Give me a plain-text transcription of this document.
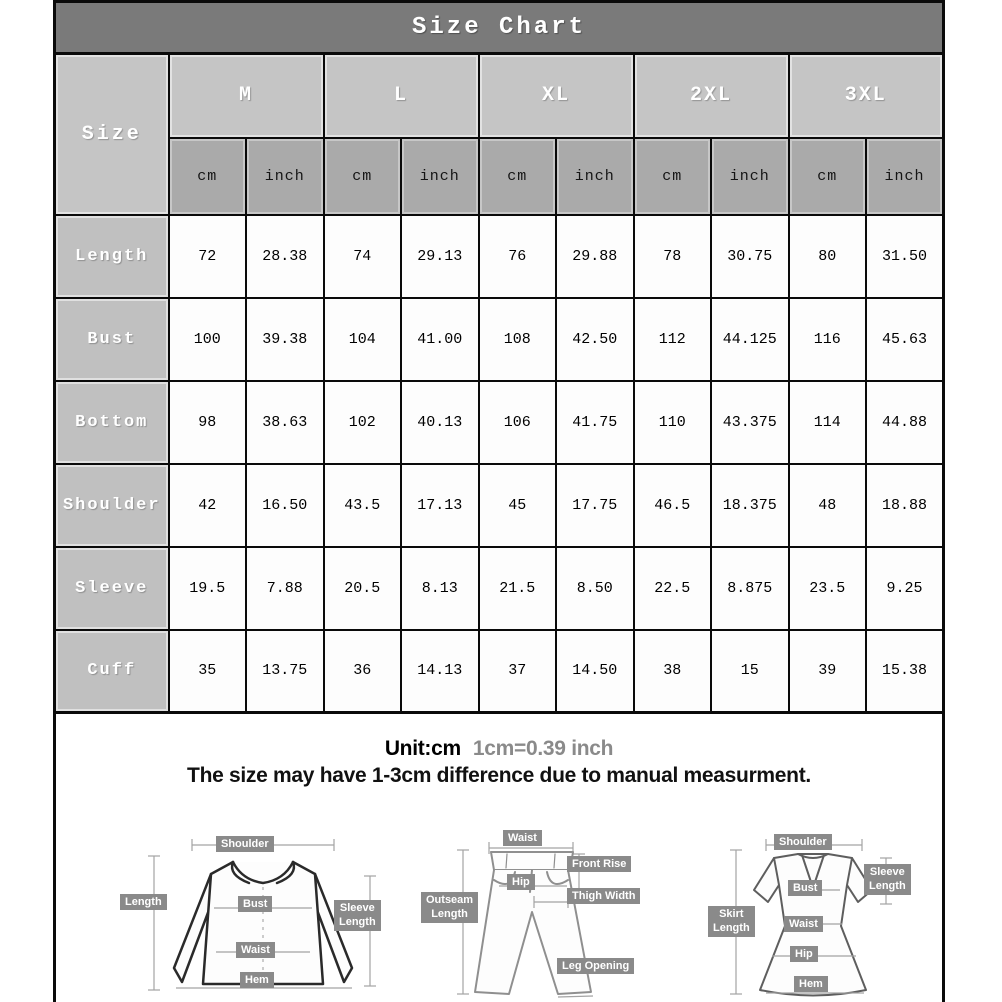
Size Chart
Size	M		L		XL		2XL		3XL	
	cm	inch	cm	inch	cm	inch	cm	inch	cm	inch
Length	72	28.38	74	29.13	76	29.88	78	30.75	80	31.50
Bust	100	39.38	104	41.00	108	42.50	112	44.125	116	45.63
Bottom	98	38.63	102	40.13	106	41.75	110	43.375	114	44.88
Shoulder	42	16.50	43.5	17.13	45	17.75	46.5	18.375	48	18.88
Sleeve	19.5	7.88	20.5	8.13	21.5	8.50	22.5	8.875	23.5	9.25
Cuff	35	13.75	36	14.13	37	14.50	38	15	39	15.38
Unit:cm 1cm=0.39 inch
The size may have 1-3cm difference due to manual measurment.
Shoulder
Length	Bust	Sleeve
Length
Waist
Hem
Waist
Front Rise
Hip
Thigh Width
Outseam
Length
Leg Opening
Shoulder
Sleeve
Length
Bust
Skirt
Length	Waist
Hip
Hem
